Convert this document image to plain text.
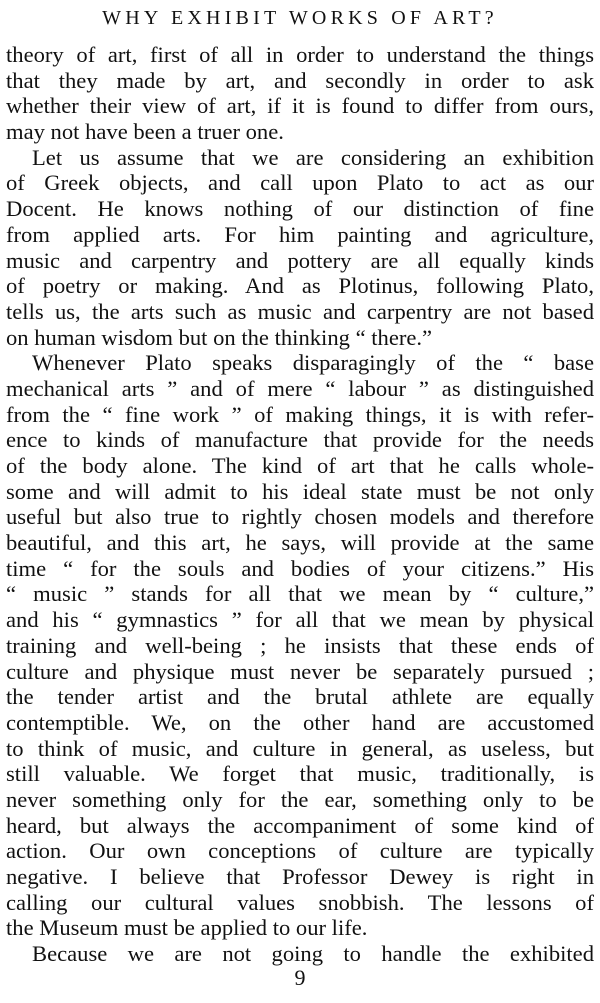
WHY EXHIBIT WORKS OF ART?
theory of art, first of all in order to understand the things
that they made by art, and secondly in order to ask
whether their view of art, if it is found to differ from ours,
may not have been a truer one.
Let us assume that we are considering an exhibition
of Greek objects, and call upon Plato to act as our
Docent. He knows nothing of our distinction of fine
from applied arts. For him painting and agriculture,
music and carpentry and pottery are all equally kinds
of poetry or making. And as Plotinus, following Plato,
tells us, the arts such as music and carpentry are not based
on human wisdom but on the thinking “ there.”
Whenever Plato speaks disparagingly of the “ base
mechanical arts ” and of mere “ labour ” as distinguished
from the “ fine work ” of making things, it is with refer-
ence to kinds of manufacture that provide for the needs
of the body alone. The kind of art that he calls whole-
some and will admit to his ideal state must be not only
useful but also true to rightly chosen models and therefore
beautiful, and this art, he says, will provide at the same
time “ for the souls and bodies of your citizens.” His
“ music ” stands for all that we mean by “ culture,”
and his “ gymnastics ” for all that we mean by physical
training and well-being ; he insists that these ends of
culture and physique must never be separately pursued ;
the tender artist and the brutal athlete are equally
contemptible. We, on the other hand are accustomed
to think of music, and culture in general, as useless, but
still valuable. We forget that music, traditionally, is
never something only for the ear, something only to be
heard, but always the accompaniment of some kind of
action. Our own conceptions of culture are typically
negative. I believe that Professor Dewey is right in
calling our cultural values snobbish. The lessons of
the Museum must be applied to our life.
Because we are not going to handle the exhibited
9
